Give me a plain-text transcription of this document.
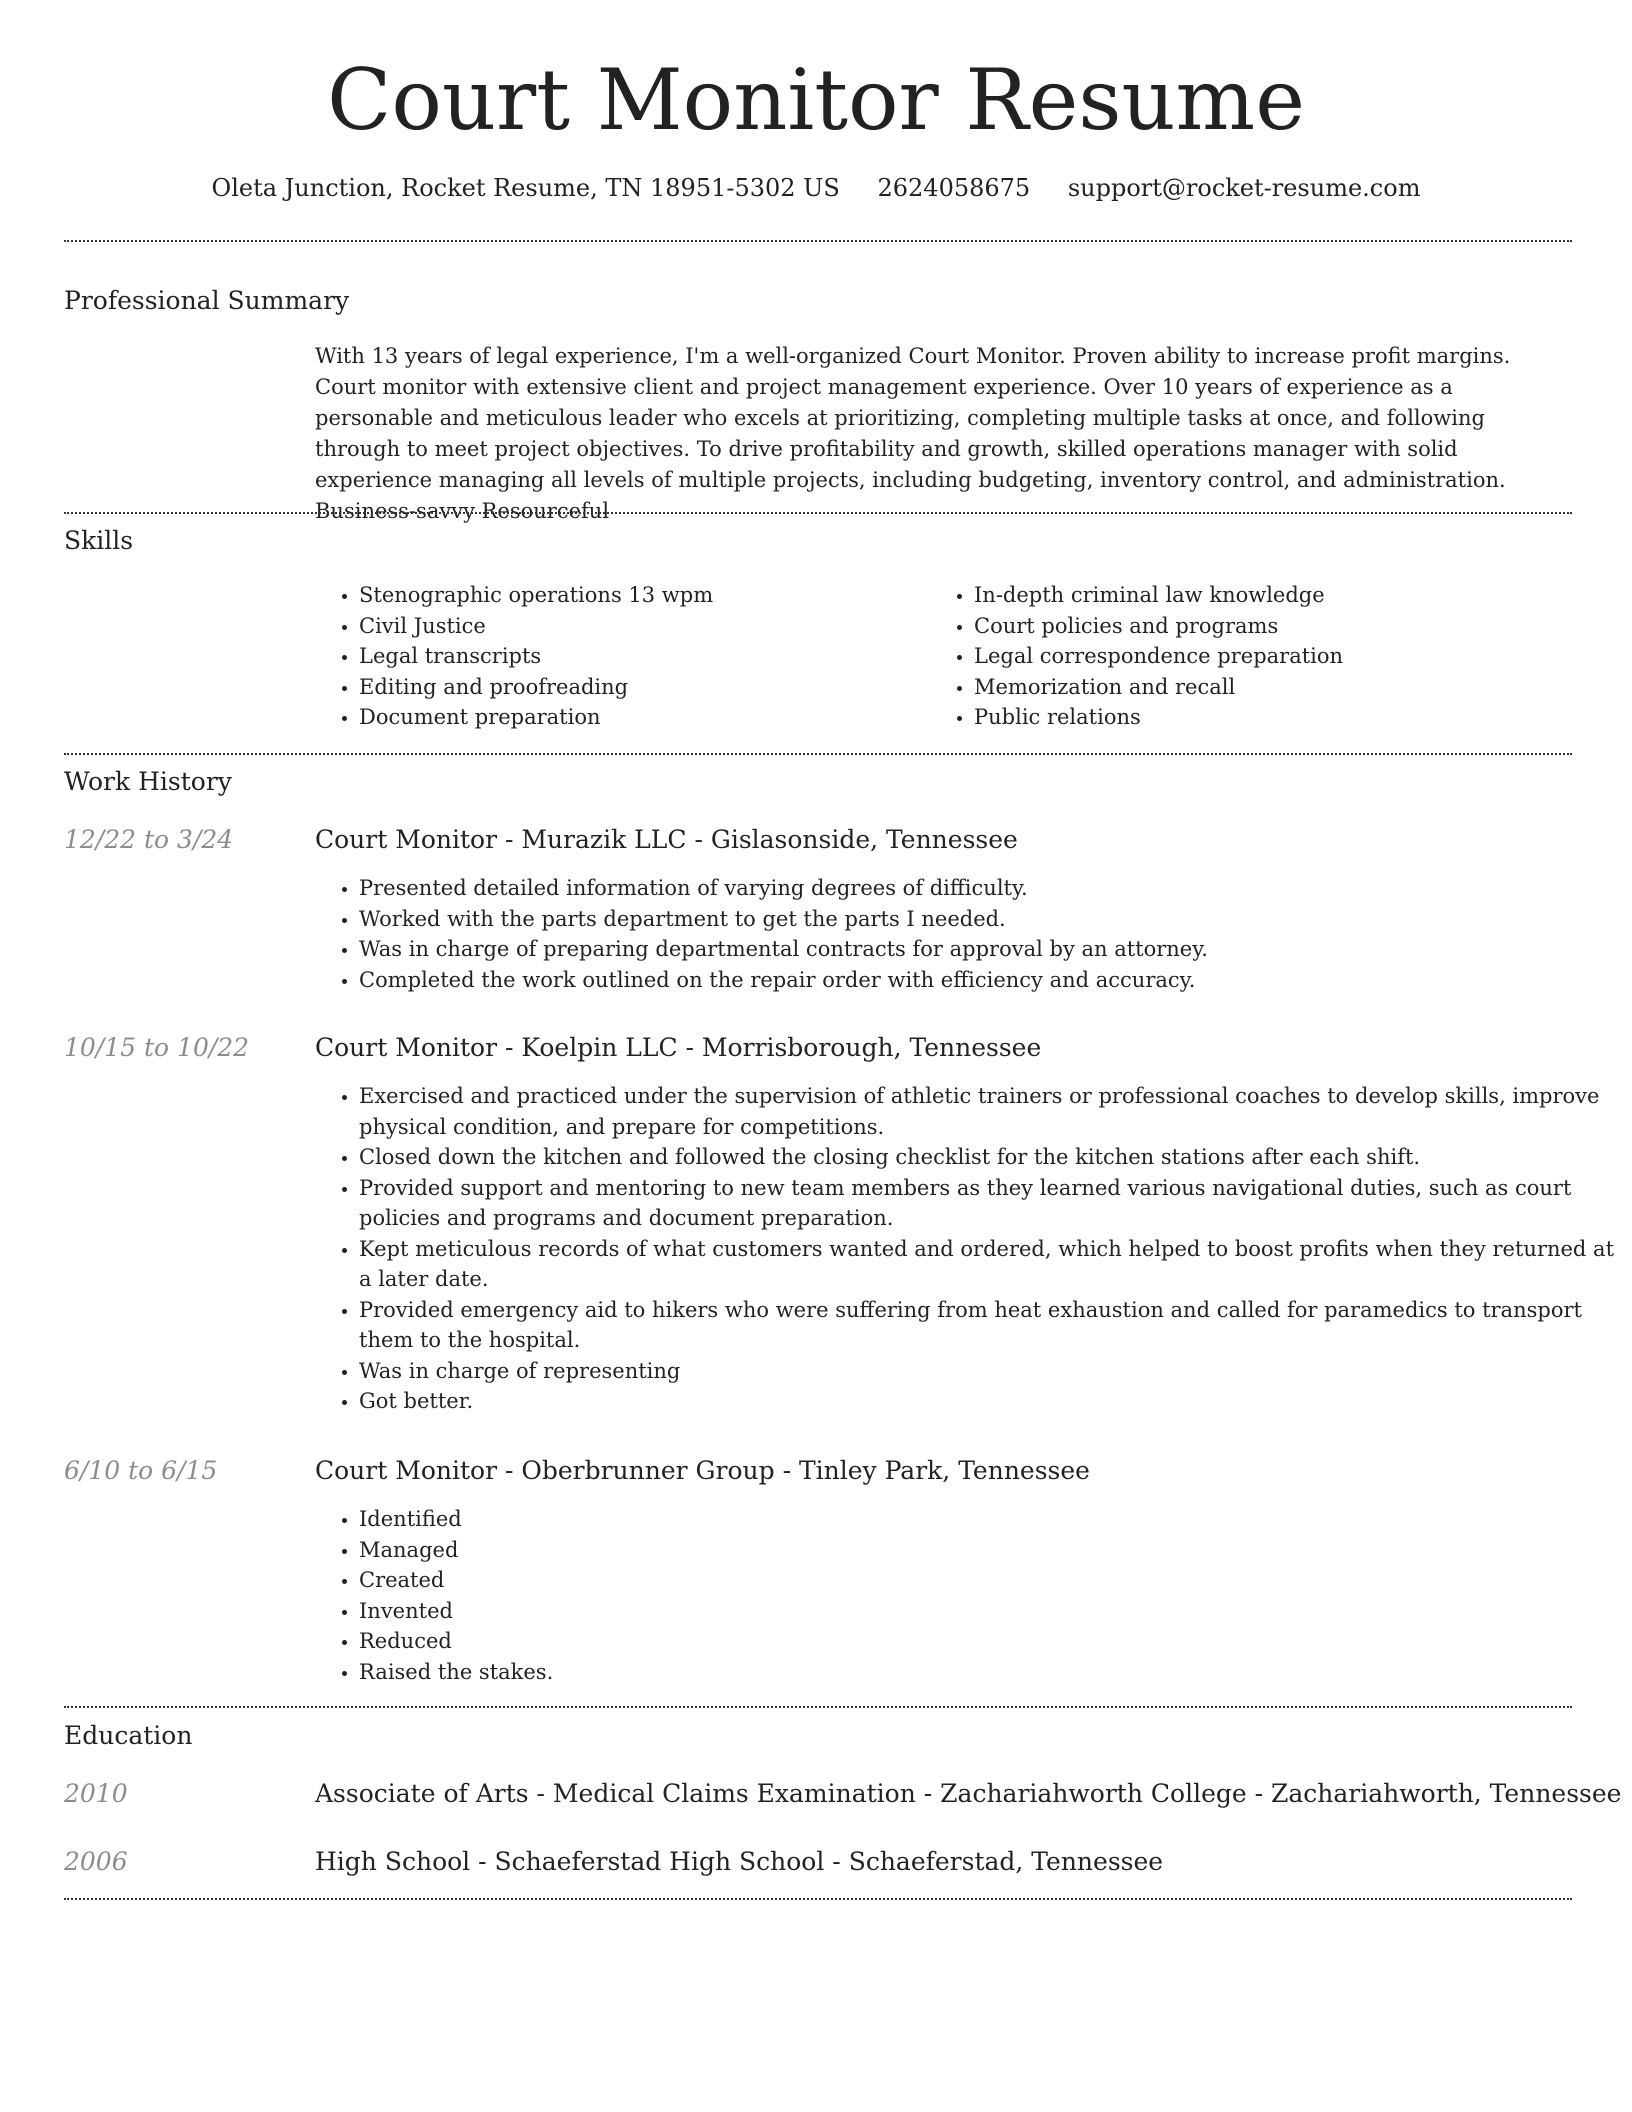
Court Monitor Resume
Oleta Junction, Rocket Resume, TN 18951-5302 US 2624058675 support@rocket-resume.com
Professional Summary

With 13 years of legal experience, I'm a well-organized Court Monitor. Proven ability to increase profit margins. Court monitor with extensive client and project management experience. Over 10 years of experience as a personable and meticulous leader who excels at prioritizing, completing multiple tasks at once, and following through to meet project objectives. To drive profitability and growth, skilled operations manager with solid experience managing all levels of multiple projects, including budgeting, inventory control, and administration. Business-savvy Resourceful

Skills
• Stenographic operations 13 wpm
• Civil Justice
• Legal transcripts
• Editing and proofreading
• Document preparation
• In-depth criminal law knowledge
• Court policies and programs
• Legal correspondence preparation
• Memorization and recall
• Public relations
Work History
12/22 to 3/24	Court Monitor - Murazik LLC - Gislasonside, Tennessee
• Presented detailed information of varying degrees of difficulty.
• Worked with the parts department to get the parts I needed.
• Was in charge of preparing departmental contracts for approval by an attorney.
• Completed the work outlined on the repair order with efficiency and accuracy.
10/15 to 10/22	Court Monitor - Koelpin LLC - Morrisborough, Tennessee
• Exercised and practiced under the supervision of athletic trainers or professional coaches to develop skills, improve physical condition, and prepare for competitions.
• Closed down the kitchen and followed the closing checklist for the kitchen stations after each shift.
• Provided support and mentoring to new team members as they learned various navigational duties, such as court policies and programs and document preparation.
• Kept meticulous records of what customers wanted and ordered, which helped to boost profits when they returned at a later date.
• Provided emergency aid to hikers who were suffering from heat exhaustion and called for paramedics to transport them to the hospital.
• Was in charge of representing
• Got better.
6/10 to 6/15	Court Monitor - Oberbrunner Group - Tinley Park, Tennessee
• Identified
• Managed
• Created
• Invented
• Reduced
• Raised the stakes.
Education
2010	Associate of Arts - Medical Claims Examination - Zachariahworth College - Zachariahworth, Tennessee
2006	High School - Schaeferstad High School - Schaeferstad, Tennessee
